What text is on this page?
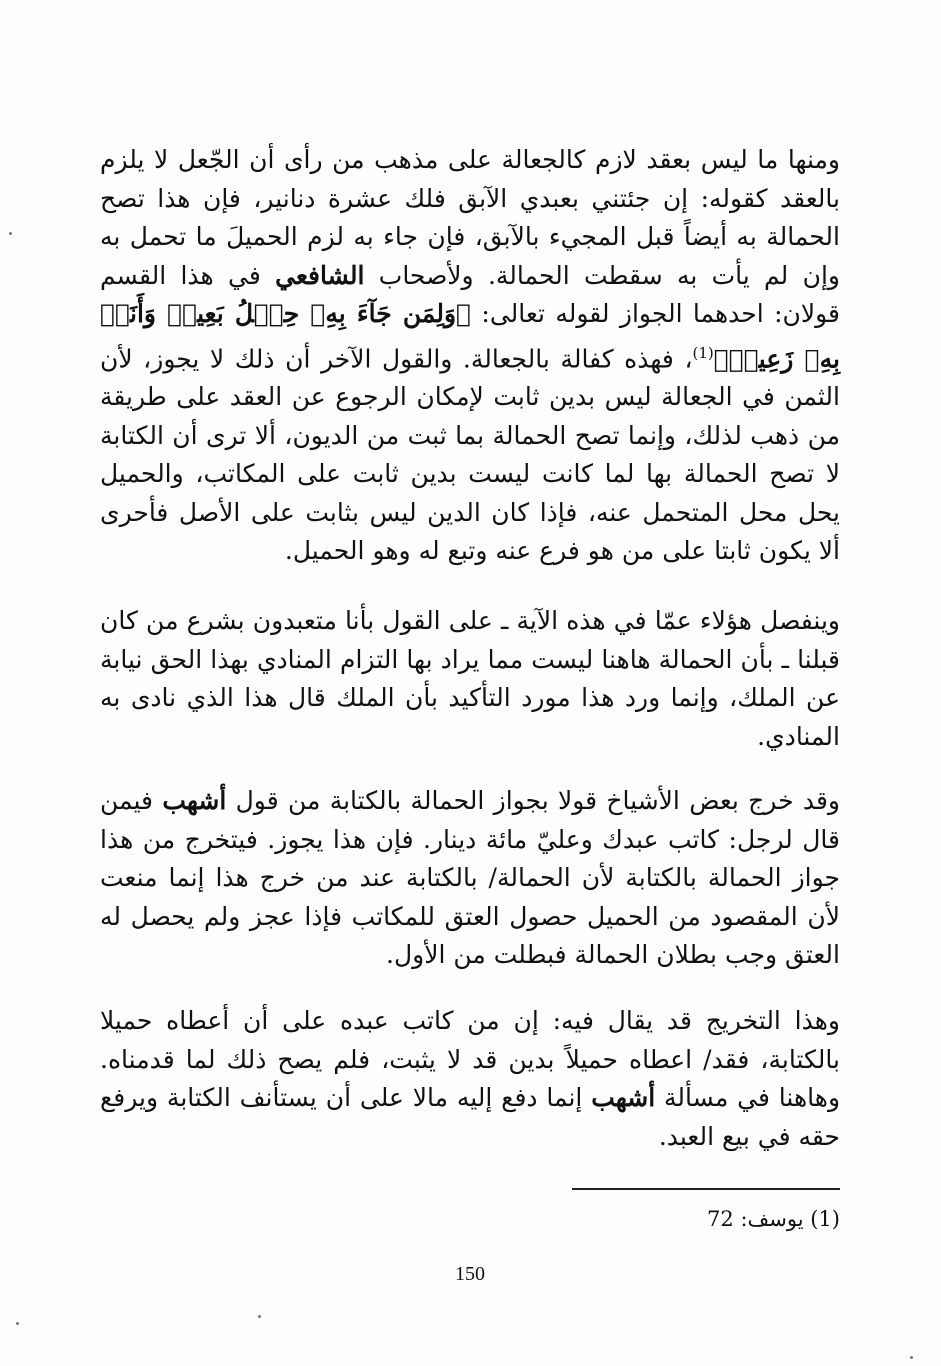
ومنها ما ليس بعقد لازم كالجعالة على مذهب من رأى أن الجّعل لا يلزم بالعقد كقوله: إن جئتني بعبدي الآبق فلك عشرة دنانير، فإن هذا تصح الحمالة به أيضاً قبل المجيء بالآبق، فإن جاء به لزم الحميلَ ما تحمل به وإن لم يأت به سقطت الحمالة. ولأصحاب الشافعي في هذا القسم قولان: احدهما الجواز لقوله تعالى: ﴿وَلِمَن جَآءَ بِهِۦ حِمۡلُ بَعِيرٖ وَأَنَا۠ بِهِۦ زَعِيمٞ﴾$^{(1)}$، فهذه كفالة بالجعالة. والقول الآخر أن ذلك لا يجوز، لأن الثمن في الجعالة ليس بدين ثابت لإمكان الرجوع عن العقد على طريقة من ذهب لذلك، وإنما تصح الحمالة بما ثبت من الديون، ألا ترى أن الكتابة لا تصح الحمالة بها لما كانت ليست بدين ثابت على المكاتب، والحميل يحل محل المتحمل عنه، فإذا كان الدين ليس بثابت على الأصل فأحرى ألا يكون ثابتا على من هو فرع عنه وتبع له وهو الحميل.

وينفصل هؤلاء عمّا في هذه الآية ـ على القول بأنا متعبدون بشرع من كان قبلنا ـ بأن الحمالة هاهنا ليست مما يراد بها التزام المنادي بهذا الحق نيابة عن الملك، وإنما ورد هذا مورد التأكيد بأن الملك قال هذا الذي نادى به المنادي.

وقد خرج بعض الأشياخ قولا بجواز الحمالة بالكتابة من قول أشهب فيمن قال لرجل: كاتب عبدك وعليّ مائة دينار. فإن هذا يجوز. فيتخرج من هذا جواز الحمالة بالكتابة لأن الحمالة/ بالكتابة عند من خرج هذا إنما منعت لأن المقصود من الحميل حصول العتق للمكاتب فإذا عجز ولم يحصل له العتق وجب بطلان الحمالة فبطلت من الأول.

وهذا التخريج قد يقال فيه: إن من كاتب عبده على أن أعطاه حميلا بالكتابة، فقد/ اعطاه حميلاً بدين قد لا يثبت، فلم يصح ذلك لما قدمناه. وهاهنا في مسألة أشهب إنما دفع إليه مالا على أن يستأنف الكتابة ويرفع حقه في بيع العبد.

(1) يوسف: 72

150
